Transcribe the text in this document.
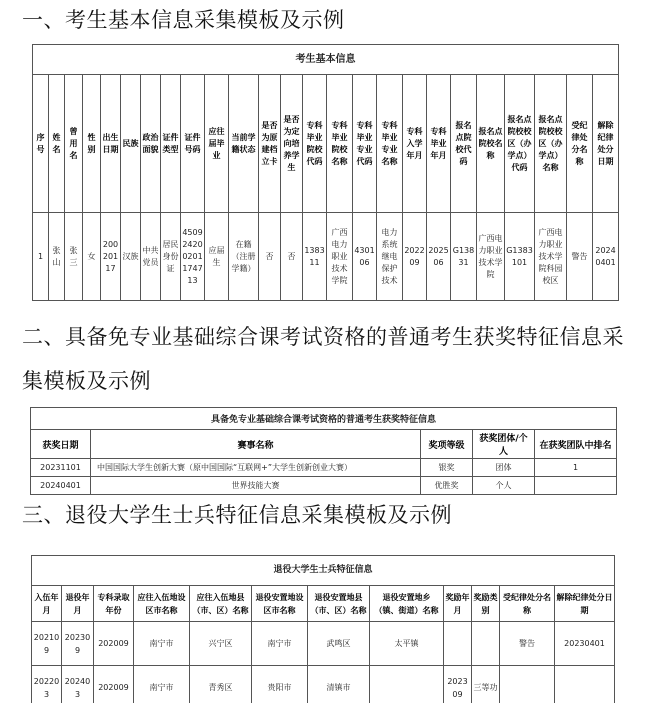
一、考生基本信息采集模板及示例
考生基本信息																								
序号	姓名	曾用名	性别	出生日期	民族	政治面貌	证件类型	证件号码	应往届毕业	当前学籍状态	是否为原建档立卡	是否为定向培养学生	专科毕业院校代码	专科毕业院校名称	专科毕业专业代码	专科毕业专业名称	专科入学年月	专科毕业年月	报名点院校代码	报名点院校名称	报名点院校校区（办学点）代码	报名点院校校区（办学点）名称	受纪律处分名称	解除纪律处分日期
1	张山	张三	女	20020117	汉族	中共党员	居民身份证	450924200201174713	应届生	在籍（注册学籍）	否	否	138311	广西电力职业技术学院	430106	电力系统继电保护技术	202209	202506	G13831	广西电力职业技术学院	G1383101	广西电力职业技术学院科园校区	警告	20240401
二、具备免专业基础综合课考试资格的普通考生获奖特征信息采集模板及示例
具备免专业基础综合课考试资格的普通考生获奖特征信息				
获奖日期	赛事名称	奖项等级	获奖团体/个人	在获奖团队中排名
20231101	中国国际大学生创新大赛（原中国国际“互联网+”大学生创新创业大赛）	银奖	团体	1
20240401	世界技能大赛	优胜奖	个人	
三、退役大学生士兵特征信息采集模板及示例
退役大学生士兵特征信息											
入伍年月	退役年月	专科录取年份	应往入伍地设区市名称	应往入伍地县（市、区）名称	退役安置地设区市名称	退役安置地县（市、区）名称	退役安置地乡（镇、街道）名称	奖励年月	奖励类别	受纪律处分名称	解除纪律处分日期
202109	202309	202009	南宁市	兴宁区	南宁市	武鸣区	太平镇			警告	20230401
202203	202403	202009	南宁市	青秀区	贵阳市	清镇市		202309	三等功		
